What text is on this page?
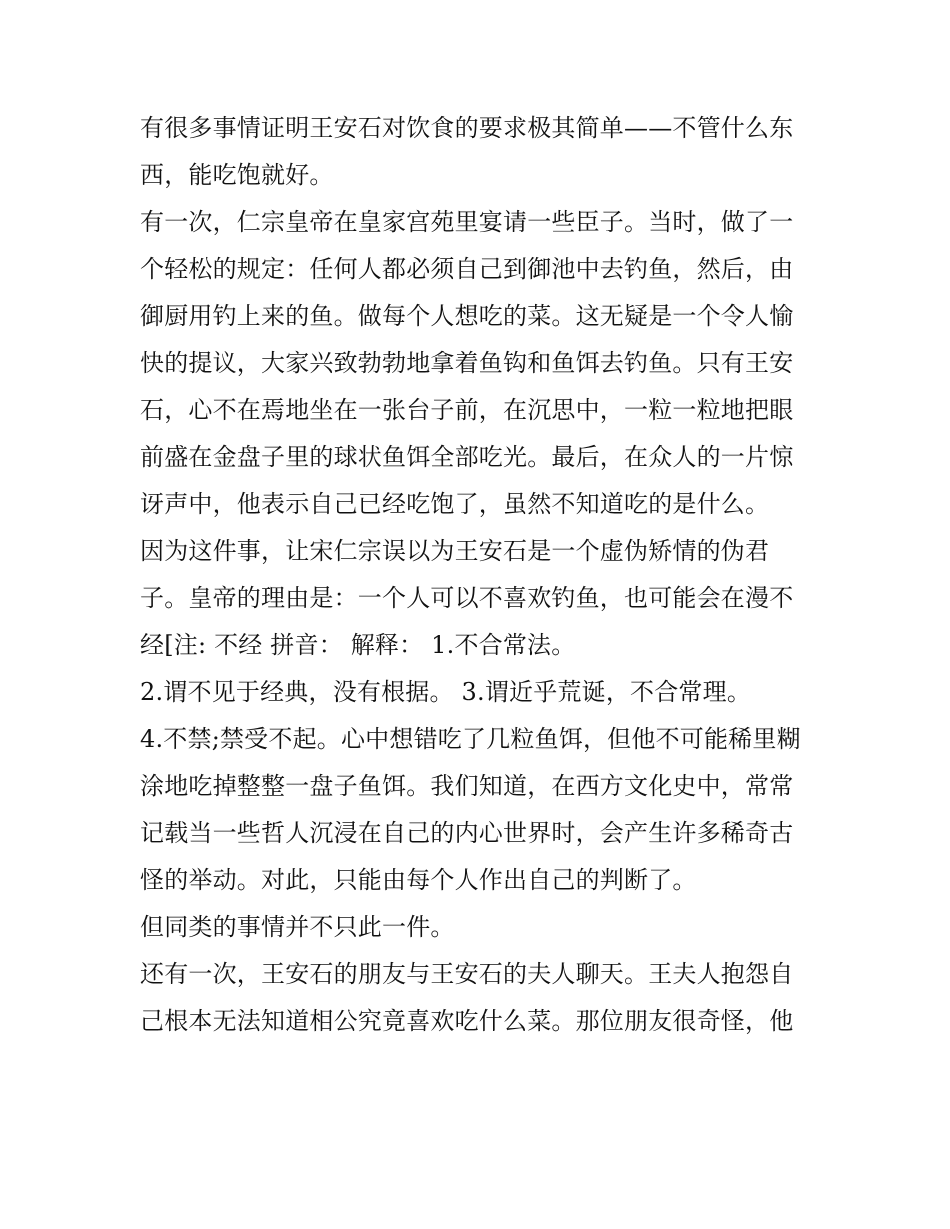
有很多事情证明王安石对饮食的要求极其简单——不管什么东西，能吃饱就好。

有一次，仁宗皇帝在皇家宫苑里宴请一些臣子。当时，做了一个轻松的规定：任何人都必须自己到御池中去钓鱼，然后，由御厨用钓上来的鱼。做每个人想吃的菜。这无疑是一个令人愉快的提议，大家兴致勃勃地拿着鱼钩和鱼饵去钓鱼。只有王安石，心不在焉地坐在一张台子前，在沉思中，一粒一粒地把眼前盛在金盘子里的球状鱼饵全部吃光。最后，在众人的一片惊讶声中，他表示自己已经吃饱了，虽然不知道吃的是什么。

因为这件事，让宋仁宗误以为王安石是一个虚伪矫情的伪君子。皇帝的理由是：一个人可以不喜欢钓鱼，也可能会在漫不经[注: 不经 拼音： 解释： 1.不合常法。

2.谓不见于经典，没有根据。 3.谓近乎荒诞，不合常理。

4.不禁;禁受不起。心中想错吃了几粒鱼饵，但他不可能稀里糊涂地吃掉整整一盘子鱼饵。我们知道，在西方文化史中，常常记载当一些哲人沉浸在自己的内心世界时，会产生许多稀奇古怪的举动。对此，只能由每个人作出自己的判断了。

但同类的事情并不只此一件。

还有一次，王安石的朋友与王安石的夫人聊天。王夫人抱怨自己根本无法知道相公究竟喜欢吃什么菜。那位朋友很奇怪，他
